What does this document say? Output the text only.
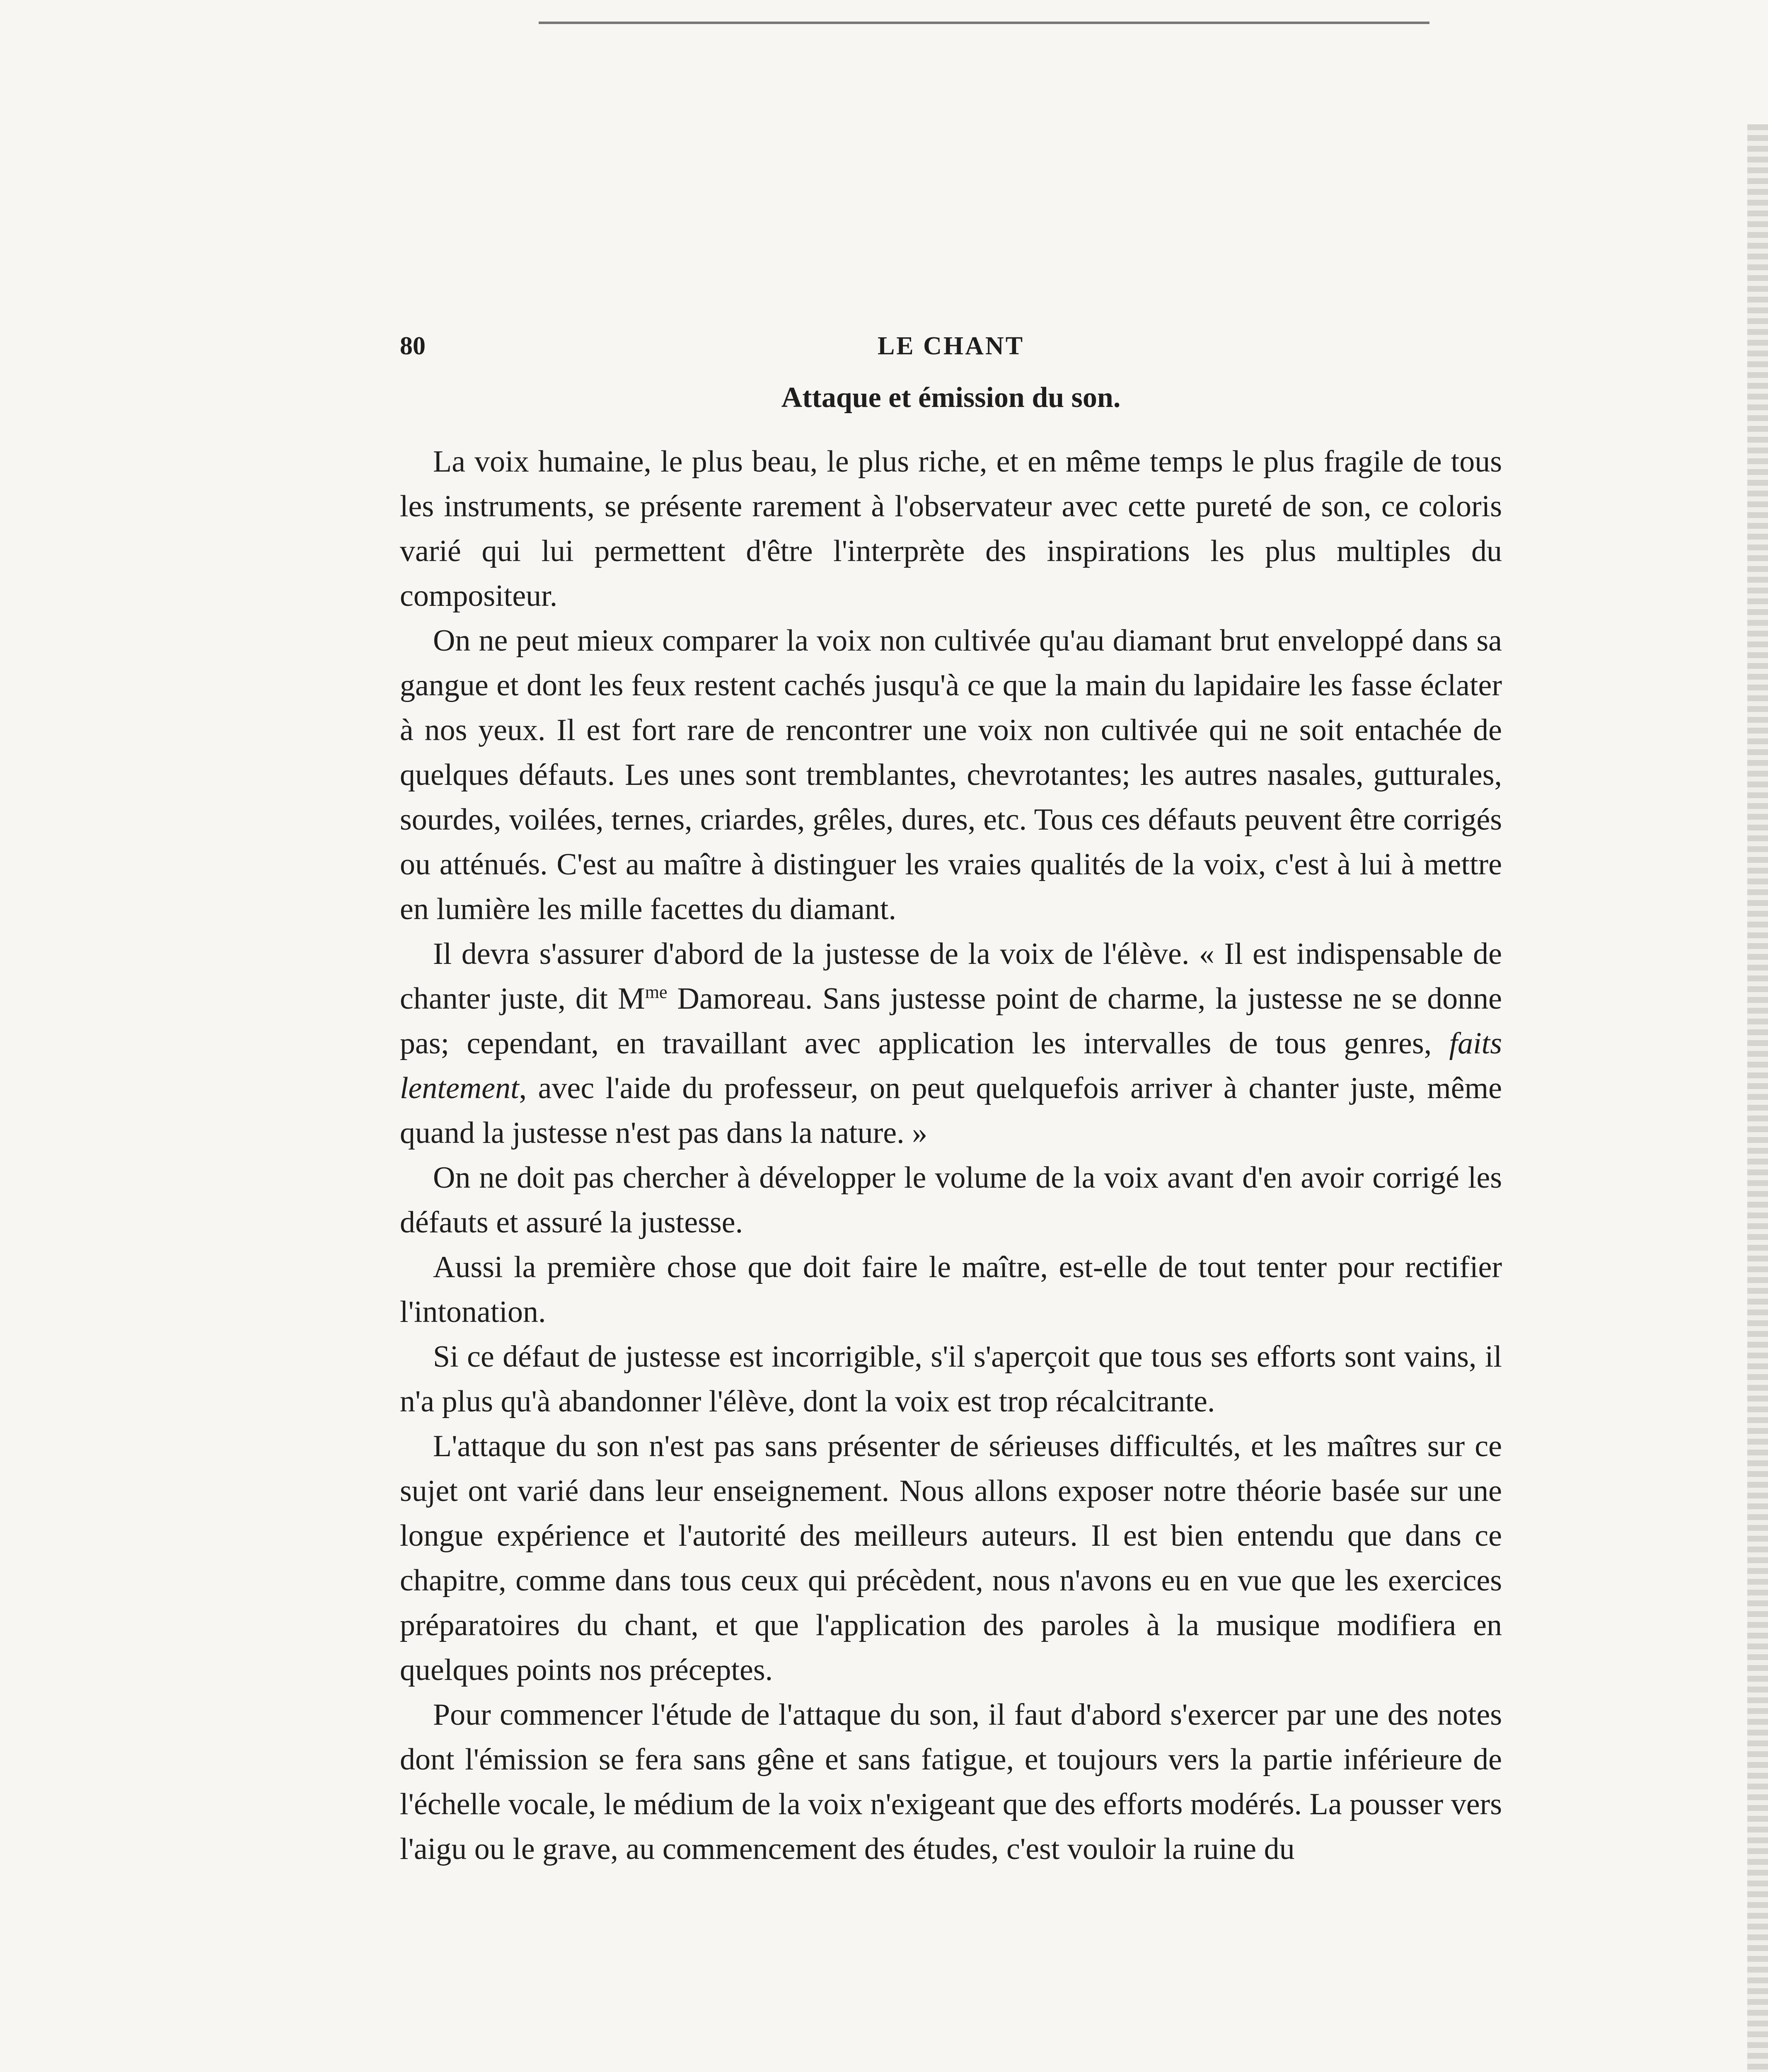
80	LE CHANT
Attaque et émission du son.

La voix humaine, le plus beau, le plus riche, et en même temps le plus fragile de tous les instruments, se présente rarement à l'observateur avec cette pureté de son, ce coloris varié qui lui permettent d'être l'interprète des inspirations les plus multiples du compositeur.

On ne peut mieux comparer la voix non cultivée qu'au diamant brut enveloppé dans sa gangue et dont les feux restent cachés jusqu'à ce que la main du lapidaire les fasse éclater à nos yeux. Il est fort rare de rencontrer une voix non cultivée qui ne soit entachée de quelques défauts. Les unes sont tremblantes, chevrotantes; les autres nasales, gutturales, sourdes, voilées, ternes, criardes, grêles, dures, etc. Tous ces défauts peuvent être corrigés ou atténués. C'est au maître à distinguer les vraies qualités de la voix, c'est à lui à mettre en lumière les mille facettes du diamant.

Il devra s'assurer d'abord de la justesse de la voix de l'élève. « Il est indispensable de chanter juste, dit $M^{me}$ Damoreau. Sans justesse point de charme, la justesse ne se donne pas; cependant, en travaillant avec application les intervalles de tous genres, faits lentement, avec l'aide du professeur, on peut quelquefois arriver à chanter juste, même quand la justesse n'est pas dans la nature. »

On ne doit pas chercher à développer le volume de la voix avant d'en avoir corrigé les défauts et assuré la justesse.

Aussi la première chose que doit faire le maître, est-elle de tout tenter pour rectifier l'intonation.

Si ce défaut de justesse est incorrigible, s'il s'aperçoit que tous ses efforts sont vains, il n'a plus qu'à abandonner l'élève, dont la voix est trop récalcitrante.

L'attaque du son n'est pas sans présenter de sérieuses difficultés, et les maîtres sur ce sujet ont varié dans leur enseignement. Nous allons exposer notre théorie basée sur une longue expérience et l'autorité des meilleurs auteurs. Il est bien entendu que dans ce chapitre, comme dans tous ceux qui précèdent, nous n'avons eu en vue que les exercices préparatoires du chant, et que l'application des paroles à la musique modifiera en quelques points nos préceptes.

Pour commencer l'étude de l'attaque du son, il faut d'abord s'exercer par une des notes dont l'émission se fera sans gêne et sans fatigue, et toujours vers la partie inférieure de l'échelle vocale, le médium de la voix n'exigeant que des efforts modérés. La pousser vers l'aigu ou le grave, au commencement des études, c'est vouloir la ruine du
